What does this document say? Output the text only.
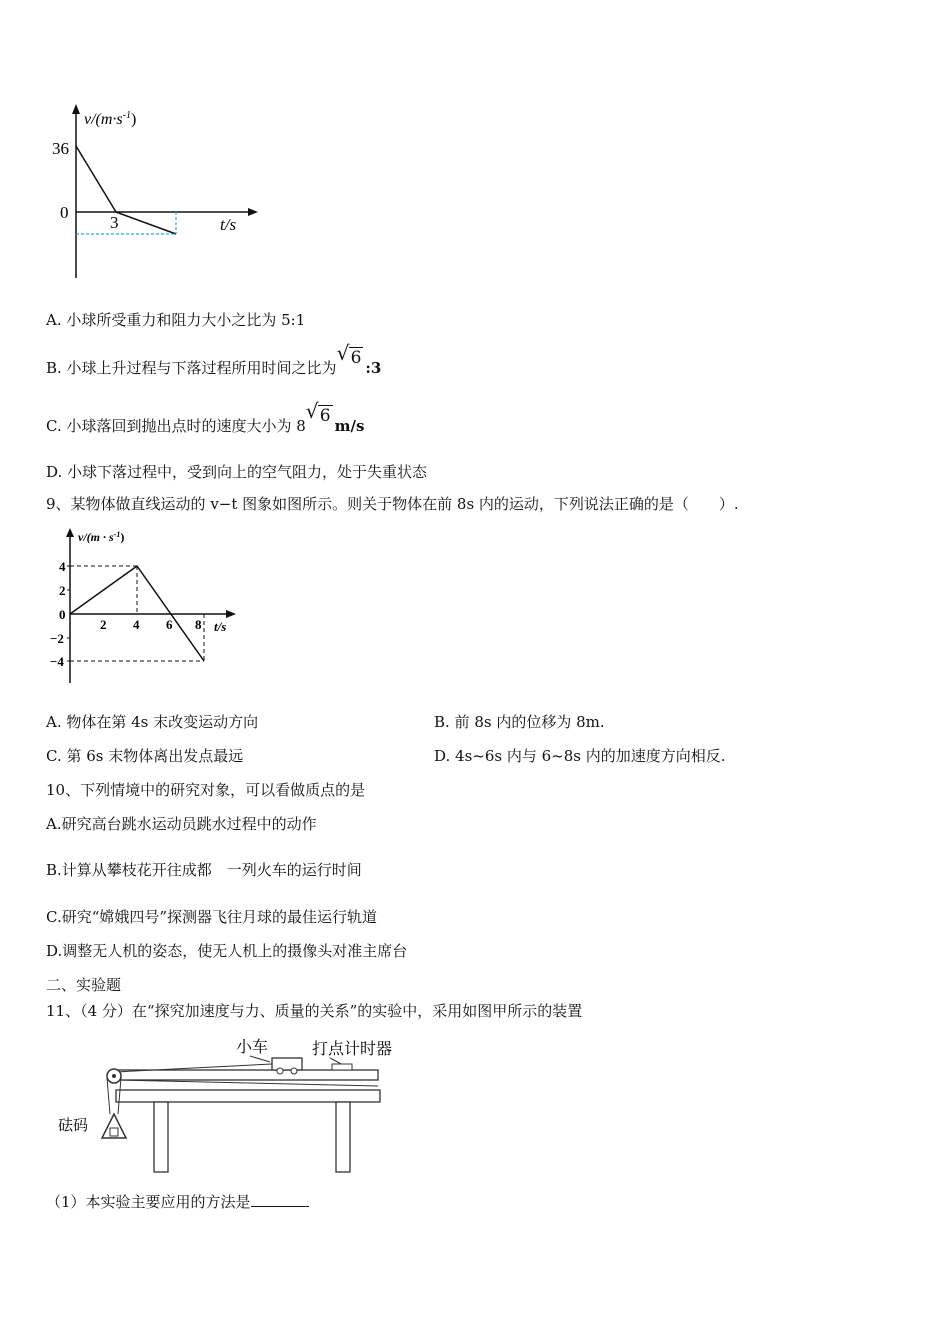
$v/(m\cdot s^{-1})$
36
0
3	t/s
A. 小球所受重力和阻力大小之比为 5:1
B. 小球上升过程与下落过程所用时间之比为
√ 6 :3
C. 小球落回到抛出点时的速度大小为 8
√ 6 m/s
D. 小球下落过程中，受到向上的空气阻力，处于失重状态
9、某物体做直线运动的 v−t 图象如图所示。则关于物体在前 8s 内的运动，下列说法正确的是（　　）.
$v/(m \cdot s^{-1})$
4
2
0
−2
−4
2 4 6 8 t/s
A. 物体在第 4s 末改变运动方向	B. 前 8s 内的位移为 8m.
C. 第 6s 末物体离出发点最远	D. 4s~6s 内与 6~8s 内的加速度方向相反.
10、下列情境中的研究对象，可以看做质点的是
A.研究高台跳水运动员跳水过程中的动作
B.计算从攀枝花开往成都　一列火车的运行时间
C.研究“嫦娥四号”探测器飞往月球的最佳运行轨道
D.调整无人机的姿态，使无人机上的摄像头对准主席台
二、实验题
11、（4 分）在“探究加速度与力、质量的关系”的实验中，采用如图甲所示的装置
小车	打点计时器
砝码
（1）本实验主要应用的方法是
